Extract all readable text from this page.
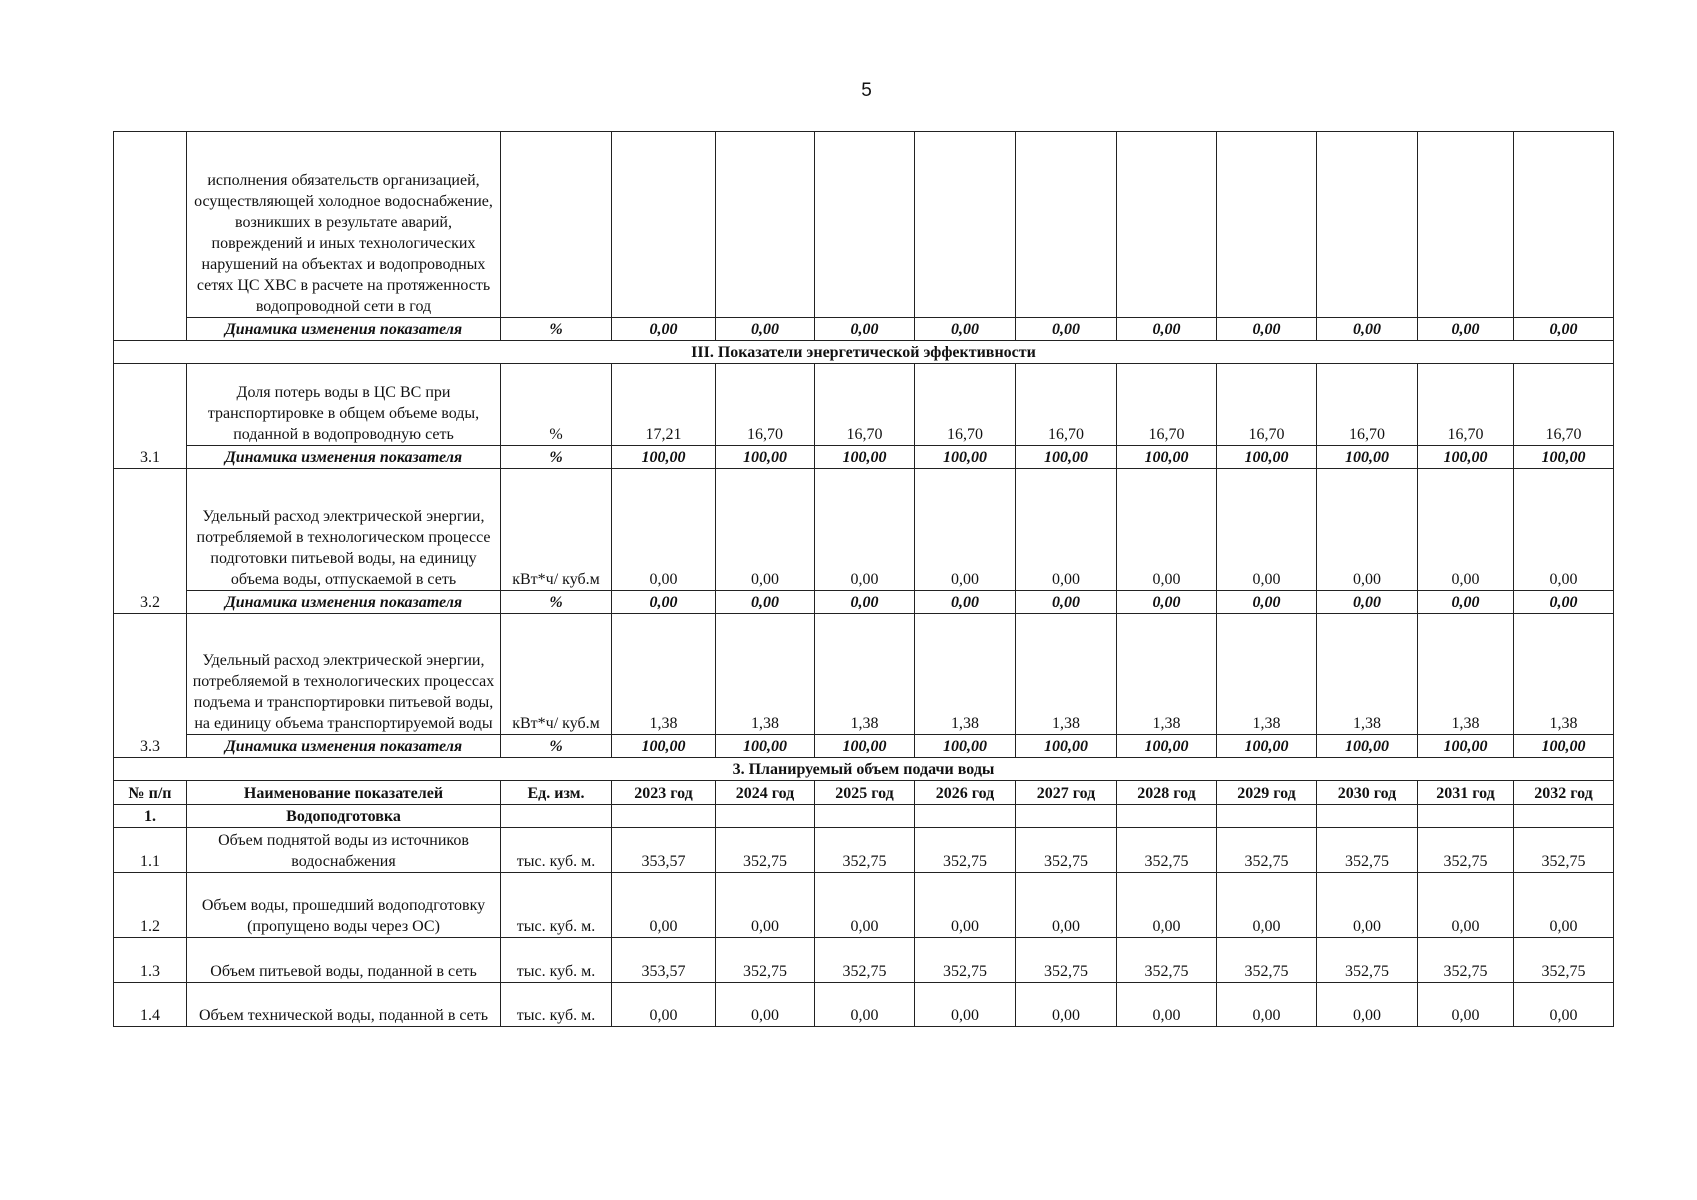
5
	исполнения обязательств организацией, осуществляющей холодное водоснабжение, возникших в результате аварий, повреждений и иных технологических нарушений на объектах и водопроводных сетях ЦС ХВС в расчете на протяженность водопроводной сети в год											
	Динамика изменения показателя	%	0,00	0,00	0,00	0,00	0,00	0,00	0,00	0,00	0,00	0,00
III. Показатели энергетической эффективности												
3.1	Доля потерь воды в ЦС ВС при транспортировке в общем объеме воды, поданной в водопроводную сеть	%	17,21	16,70	16,70	16,70	16,70	16,70	16,70	16,70	16,70	16,70
	Динамика изменения показателя	%	100,00	100,00	100,00	100,00	100,00	100,00	100,00	100,00	100,00	100,00
3.2	Удельный расход электрической энергии, потребляемой в технологическом процессе подготовки питьевой воды, на единицу объема воды, отпускаемой в сеть	кВт*ч/ куб.м	0,00	0,00	0,00	0,00	0,00	0,00	0,00	0,00	0,00	0,00
	Динамика изменения показателя	%	0,00	0,00	0,00	0,00	0,00	0,00	0,00	0,00	0,00	0,00
3.3	Удельный расход электрической энергии, потребляемой в технологических процессах подъема и транспортировки питьевой воды, на единицу объема транспортируемой воды	кВт*ч/ куб.м	1,38	1,38	1,38	1,38	1,38	1,38	1,38	1,38	1,38	1,38
	Динамика изменения показателя	%	100,00	100,00	100,00	100,00	100,00	100,00	100,00	100,00	100,00	100,00
3. Планируемый объем подачи воды												
№ п/п	Наименование показателей	Ед. изм.	2023 год	2024 год	2025 год	2026 год	2027 год	2028 год	2029 год	2030 год	2031 год	2032 год
1.	Водоподготовка											
1.1	Объем поднятой воды из источников водоснабжения	тыс. куб. м.	353,57	352,75	352,75	352,75	352,75	352,75	352,75	352,75	352,75	352,75
1.2	Объем воды, прошедший водоподготовку (пропущено воды через ОС)	тыс. куб. м.	0,00	0,00	0,00	0,00	0,00	0,00	0,00	0,00	0,00	0,00
1.3	Объем питьевой воды, поданной в сеть	тыс. куб. м.	353,57	352,75	352,75	352,75	352,75	352,75	352,75	352,75	352,75	352,75
1.4	Объем технической воды, поданной в сеть	тыс. куб. м.	0,00	0,00	0,00	0,00	0,00	0,00	0,00	0,00	0,00	0,00
